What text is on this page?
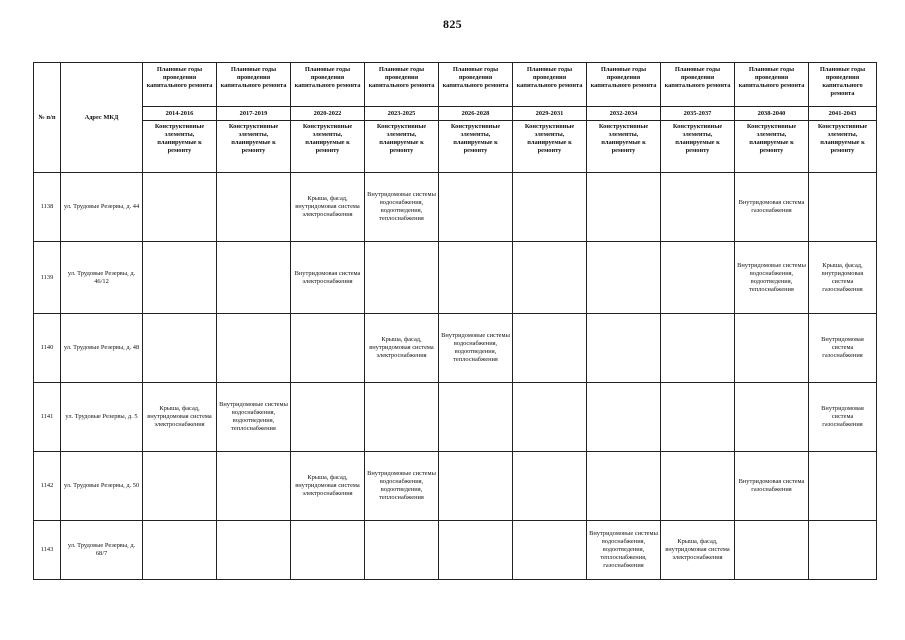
825
№ п/п	Адрес МКД	Плановые годы проведения капитального ремонта	Плановые годы проведения капитального ремонта	Плановые годы проведения капитального ремонта	Плановые годы проведения капитального ремонта	Плановые годы проведения капитального ремонта	Плановые годы проведения капитального ремонта	Плановые годы проведения капитального ремонта	Плановые годы проведения капитального ремонта	Плановые годы проведения капитального ремонта	Плановые годы проведения капитального ремонта
		2014-2016	2017-2019	2020-2022	2023-2025	2026-2028	2029-2031	2032-2034	2035-2037	2038-2040	2041-2043
		Конструктивные элементы, планируемые к ремонту	Конструктивные элементы, планируемые к ремонту	Конструктивные элементы, планируемые к ремонту	Конструктивные элементы, планируемые к ремонту	Конструктивные элементы, планируемые к ремонту	Конструктивные элементы, планируемые к ремонту	Конструктивные элементы, планируемые к ремонту	Конструктивные элементы, планируемые к ремонту	Конструктивные элементы, планируемые к ремонту	Конструктивные элементы, планируемые к ремонту
1138	ул. Трудовые Резервы, д. 44			Крыша, фасад, внутридомовая система электроснабжения	Внутридомовые системы водоснабжения, водоотведения, теплоснабжения					Внутридомовая система газоснабжения	
1139	ул. Трудовые Резервы, д. 46/12			Внутридомовая система электроснабжения						Внутридомовые системы водоснабжения, водоотведения, теплоснабжения	Крыша, фасад, внутридомовая система газоснабжения
1140	ул. Трудовые Резервы, д. 48				Крыша, фасад, внутридомовая система электроснабжения	Внутридомовые системы водоснабжения, водоотведения, теплоснабжения					Внутридомовая система газоснабжения
1141	ул. Трудовые Резервы, д. 5	Крыша, фасад, внутридомовая система электроснабжения	Внутридомовые системы водоснабжения, водоотведения, теплоснабжения								Внутридомовая система газоснабжения
1142	ул. Трудовые Резервы, д. 50			Крыша, фасад, внутридомовая система электроснабжения	Внутридомовые системы водоснабжения, водоотведения, теплоснабжения					Внутридомовая система газоснабжения	
1143	ул. Трудовые Резервы, д. 68/7							Внутридомовые системы водоснабжения, водоотведения, теплоснабжения, газоснабжения	Крыша, фасад, внутридомовая система электроснабжения		
